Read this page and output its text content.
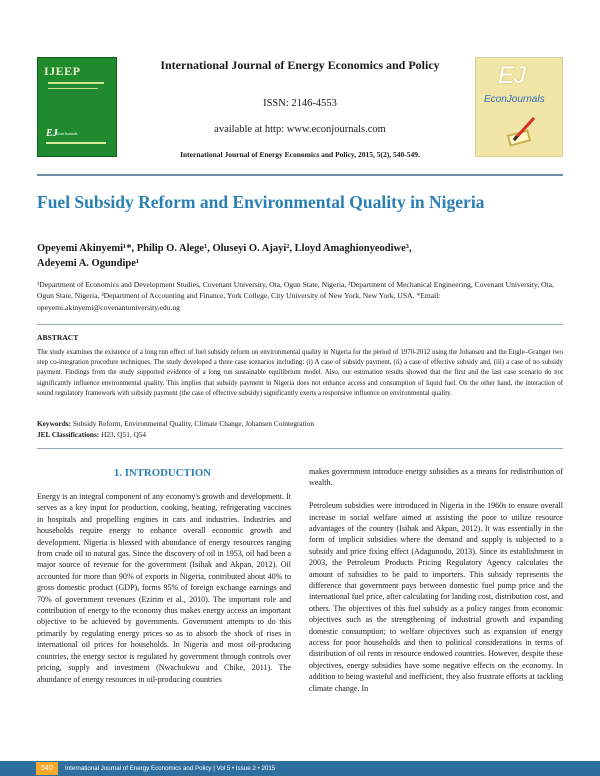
IJEEP
EJ
EconJournals
International Journal of Energy Economics and Policy
ISSN: 2146-4553
available at http: www.econjournals.com
International Journal of Energy Economics and Policy, 2015, 5(2), 540-549.
EJ
EconJournals
Fuel Subsidy Reform and Environmental Quality in Nigeria
Opeyemi Akinyemi¹*, Philip O. Alege¹, Oluseyi O. Ajayi², Lloyd Amaghionyeodiwe³,
Adeyemi A. Ogundipe¹
¹Department of Economics and Development Studies, Covenant University, Ota, Ogun State, Nigeria, ²Department of Mechanical Engineering, Covenant University, Ota, Ogun State, Nigeria, ³Department of Accounting and Finance, York College, City University of New York, New York, USA. *Email: opeyemi.akinyemi@covenantuniversity.edu.ng
ABSTRACT
The study examines the existence of a long run effect of fuel subsidy reform on environmental quality in Nigeria for the period of 1970-2012 using the Johansen and the Engle–Granger two step co-integration procedure techniques. The study developed a three case scenarios including: (i) A case of subsidy payment, (ii) a case of effective subsidy and, (iii) a case of no subsidy payment. Findings from the study supported evidence of a long run sustainable equilibrium model. Also, our estimation results showed that the first and the last case scenario do not significantly influence environmental quality. This implies that subsidy payment in Nigeria does not enhance access and consumption of liquid fuel. On the other hand, the interaction of sound regulatory framework with subsidy payment (the case of effective subsidy) significantly exerts a responsive influence on environmental quality.
Keywords: Subsidy Reform, Environmental Quality, Climate Change, Johansen Cointegration
JEL Classifications: H23, Q51, Q54
1. INTRODUCTION

Energy is an integral component of any economy's growth and development. It serves as a key input for production, cooking, heating, refrigerating vaccines in hospitals and propelling engines in cars and industries. Industries and households require energy to enhance overall economic growth and development. Nigeria is blessed with abundance of energy resources ranging from crude oil to natural gas. Since the discovery of oil in 1953, oil had been a major source of revenue for the government (Isihak and Akpan, 2012). Oil accounted for more than 90% of exports in Nigeria, contributed about 40% to gross domestic product (GDP), forms 95% of foreign exchange earnings and 70% of government revenues (Ezirim et al., 2010). The important role and contribution of energy to the economy thus makes energy access an important objective to be achieved by governments. Government attempts to do this primarily by regulating energy prices so as to absorb the shock of rises in international oil prices for households. In Nigeria and most oil-producing countries, the energy sector is regulated by government through controls over pricing, supply and investment (Nwachukwu and Chike, 2011). The abundance of energy resources in oil-producing countries

makes government introduce energy subsidies as a means for redistribution of wealth.

Petroleum subsidies were introduced in Nigeria in the 1960s to ensure overall increase in social welfare aimed at assisting the poor to utilize resource advantages of the country (Isihak and Akpan, 2012). It was essentially in the form of implicit subsidies where the demand and supply is subjected to a subsidy and price fixing effect (Adagunodo, 2013). Since its establishment in 2003, the Petroleum Products Pricing Regulatory Agency calculates the amount of subsidies to be paid to importers. This subsidy represents the difference that government pays between domestic fuel pump price and the international fuel price, after calculating for landing cost, distribution cost, and others. The objectives of this fuel subsidy as a policy ranges from economic objectives such as the strengthening of industrial growth and expanding domestic consumption; to welfare objectives such as expansion of energy access for poor households and then to political considerations in terms of distribution of oil rents in resource endowed countries. However, despite these objectives, energy subsidies have some negative effects on the economy. In addition to being wasteful and inefficient, they also frustrate efforts at tackling climate change. In

540	International Journal of Energy Economics and Policy | Vol 5 • Issue 2 • 2015
